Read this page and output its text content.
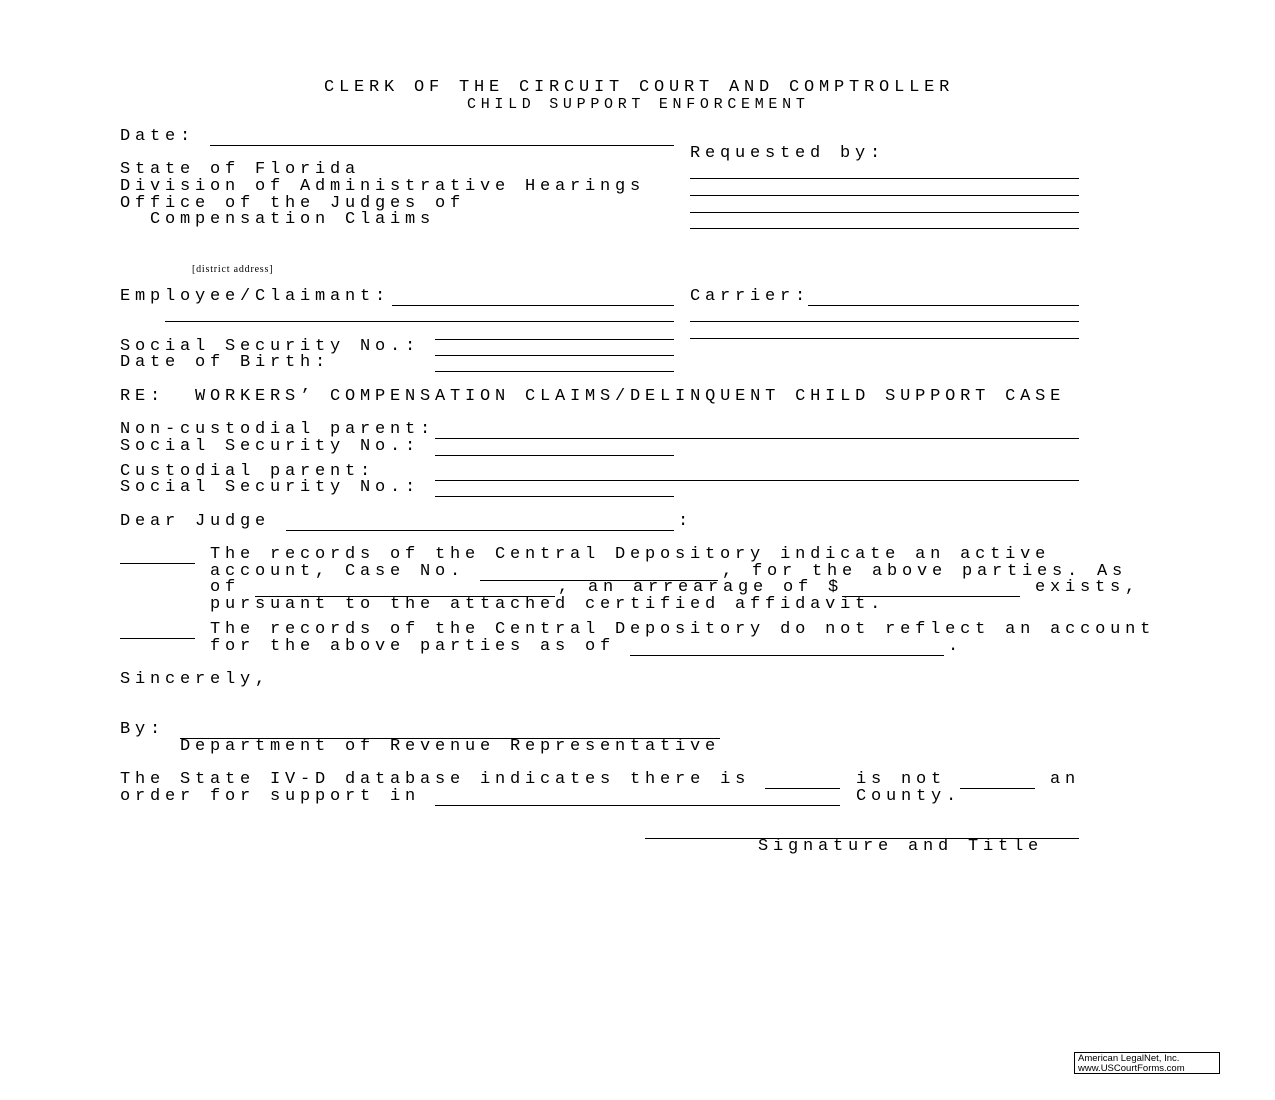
CLERK OF THE CIRCUIT COURT AND COMPTROLLER
CHILD SUPPORT ENFORCEMENT
Date:
Requested by:
State of Florida
Division of Administrative Hearings
Office of the Judges of
Compensation Claims
[district address]
Employee/Claimant:	Carrier:
Social Security No.:
Date of Birth:
RE:  WORKERS’ COMPENSATION CLAIMS/DELINQUENT CHILD SUPPORT CASE
Non-custodial parent:
Social Security No.:
Custodial parent:
Social Security No.:
Dear Judge	:
The records of the Central Depository indicate an active
account, Case No.	, for the above parties. As
of	, an arrearage of $	exists,
pursuant to the attached certified affidavit.
The records of the Central Depository do not reflect an account
for the above parties as of	.
Sincerely,
By:
Department of Revenue Representative
The State IV-D database indicates there is	is not	an
order for support in	County.
Signature and Title
American LegalNet, Inc.
www.USCourtForms.com
